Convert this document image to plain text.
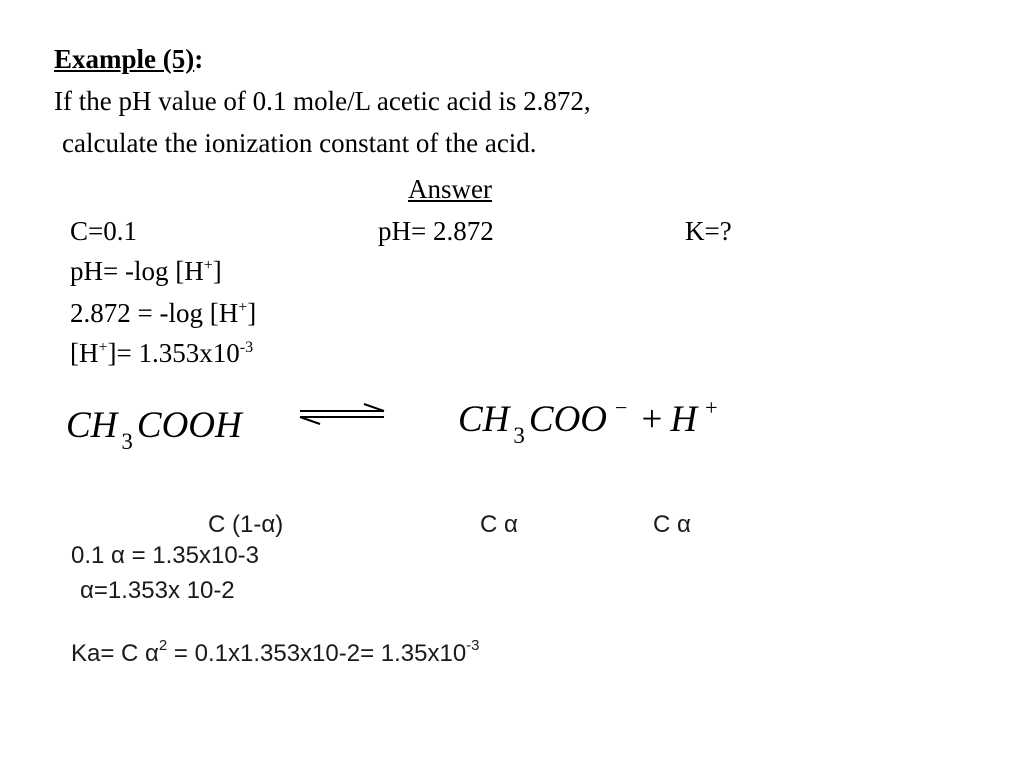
Example (5):
If the pH value of 0.1 mole/L acetic acid is 2.872,
calculate the ionization constant of the acid.
Answer
C=0.1	pH= 2.872	K=?
pH= -log [H+]
2.872 = -log [H+]
$[H^+]= 1.353x10^{-3}$
CH $_3$ COOH	CH $_3$ COO − + H +
C (1-α)	C α	C α
0.1 α = 1.35x10-3
α=1.353x 10-2
Ka= C $\alpha^2 = 0.1x1.353x10-2= 1.35x10^{-3}$
